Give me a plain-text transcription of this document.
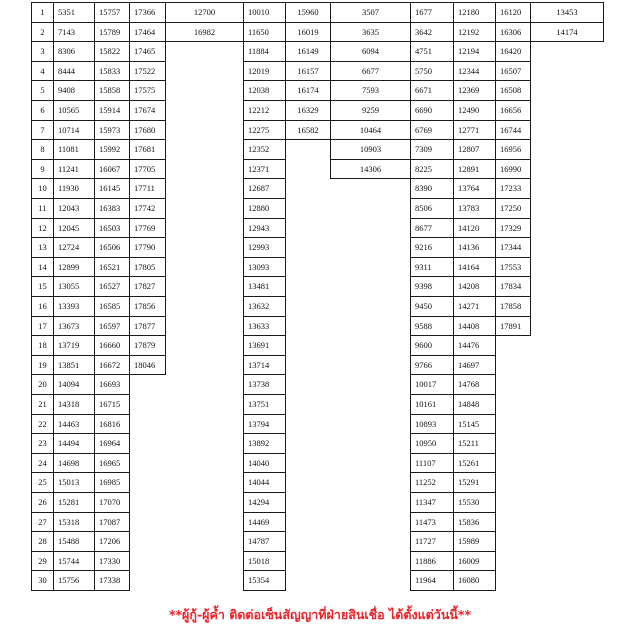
1
2
3
4
5
6
7
8
9
10
11
12
13
14
15
16
17
18
19
20
21
22
23
24
25
26
27
28
29
30
5351
7143
8306
8444
9408
10565
10714
11081
11241
11930
12043
12045
12724
12899
13055
13393
13673
13719
13851
14094
14318
14463
14494
14698
15013
15281
15318
15488
15744
15756
15757
15789
15822
15833
15858
15914
15973
15992
16067
16145
16383
16503
16506
16521
16527
16585
16597
16660
16672
16693
16715
16816
16964
16965
16985
17070
17087
17206
17330
17338
17366
17464
17465
17522
17575
17674
17680
17681
17705
17711
17742
17769
17790
17805
17827
17856
17877
17879
18046
12700
16982
10010
11650
11884
12019
12038
12212
12275
12352
12371
12687
12880
12943
12993
13093
13481
13632
13633
13691
13714
13738
13751
13794
13892
14040
14044
14294
14469
14787
15018
15354
15960
16019
16149
16157
16174
16329
16582
3507
3635
6094
6677
7593
9259
10464
10903
14306
1677
3642
4751
5750
6671
6690
6769
7309
8225
8390
8506
8677
9216
9311
9398
9450
9588
9600
9766
10017
10161
10893
10950
11107
11252
11347
11473
11727
11886
11964
12180
12192
12194
12344
12369
12490
12771
12807
12891
13764
13783
14120
14136
14164
14208
14271
14408
14476
14697
14768
14848
15145
15211
15261
15291
15530
15836
15989
16009
16080
16120
16306
16420
16507
16508
16656
16744
16956
16990
17233
17250
17329
17344
17553
17834
17858
17891
13453
14174
**ผู้กู้-ผู้ค้ำ ติดต่อเซ็นสัญญาที่ฝ่ายสินเชื่อ ได้ตั้งแต่วันนี้**
